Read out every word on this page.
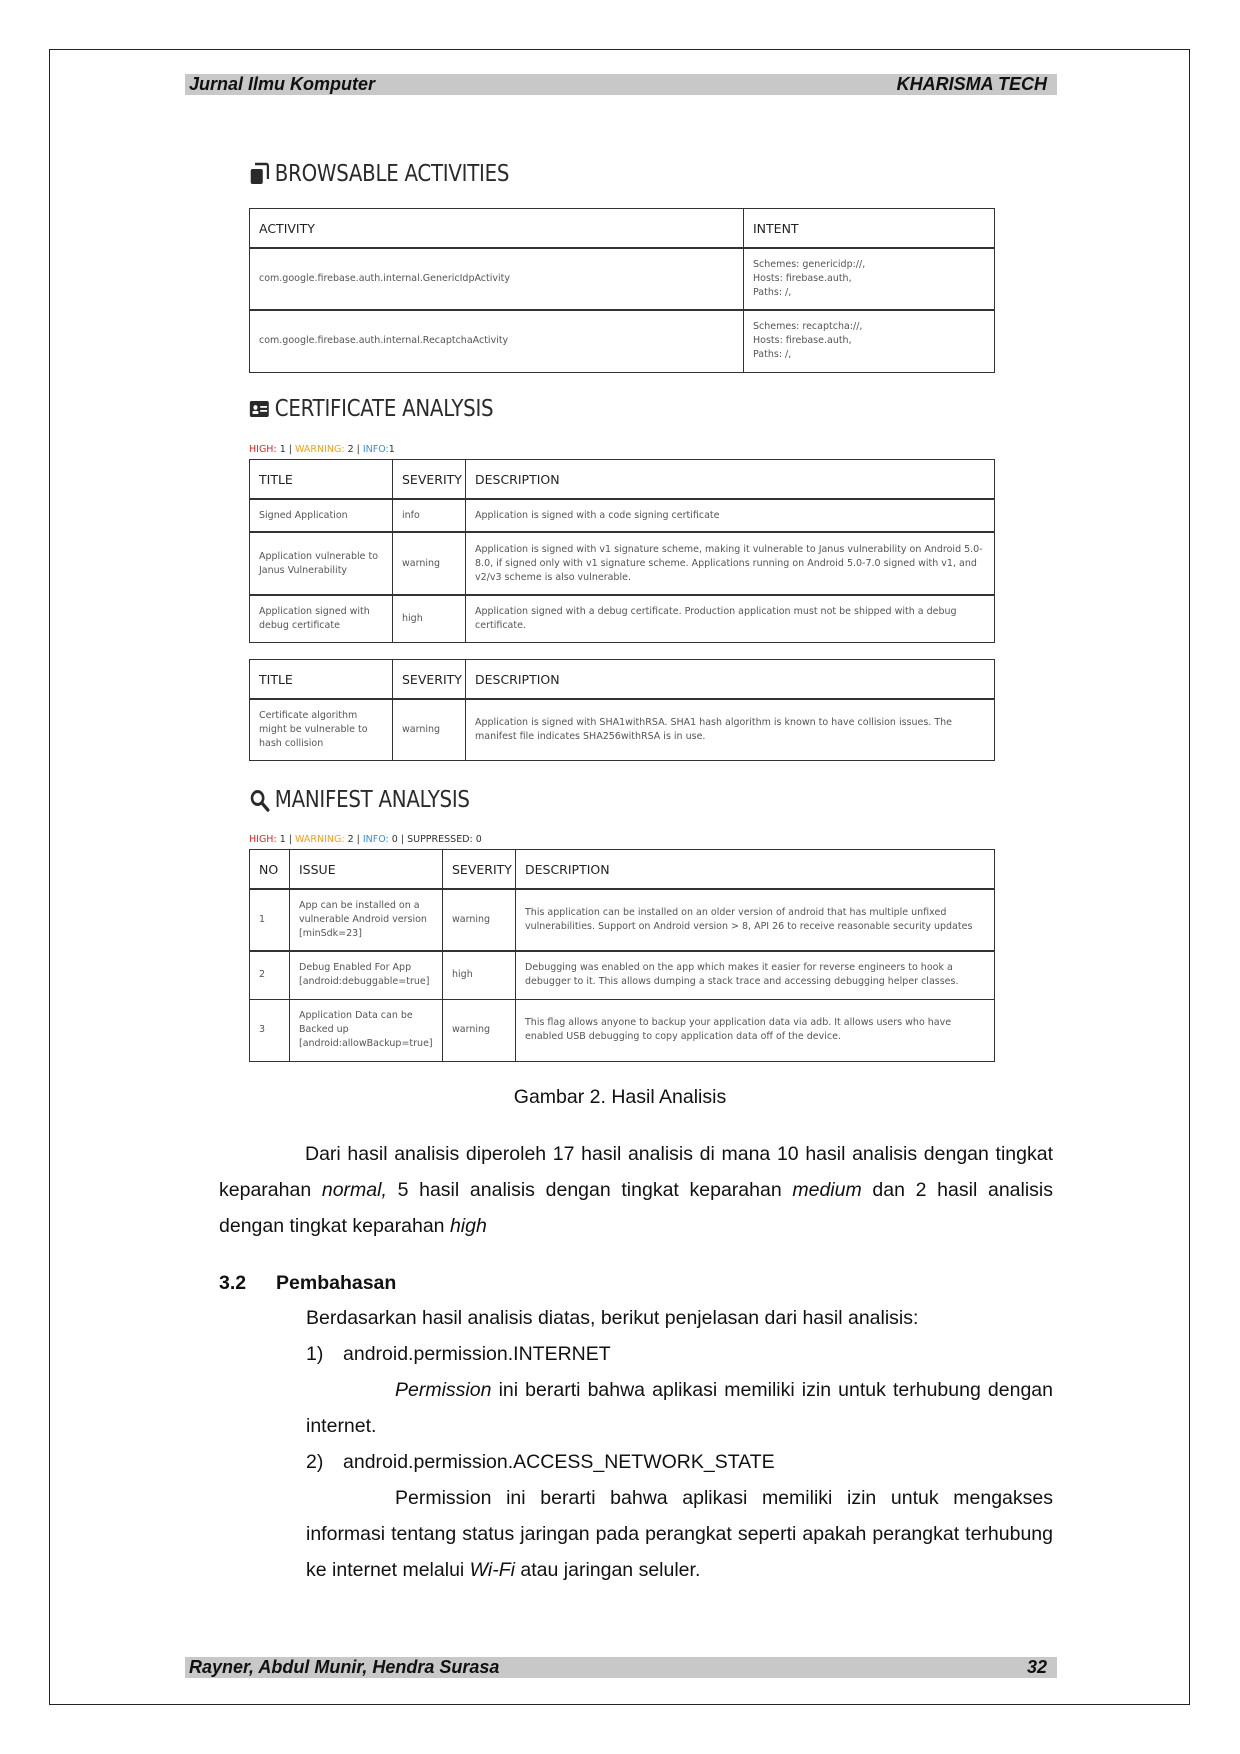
Jurnal Ilmu Komputer	KHARISMA TECH
BROWSABLE ACTIVITIES
ACTIVITY	INTENT
com.google.firebase.auth.internal.GenericIdpActivity	Schemes: genericidp://,
Hosts: firebase.auth,
Paths: /,

com.google.firebase.auth.internal.RecaptchaActivity	Schemes: recaptcha://,
Hosts: firebase.auth,
Paths: /,
CERTIFICATE ANALYSIS
HIGH: 1 | WARNING: 2 | INFO:1
TITLE	SEVERITY	DESCRIPTION
Signed Application	info	Application is signed with a code signing certificate
Application vulnerable to Janus Vulnerability	warning	Application is signed with v1 signature scheme, making it vulnerable to Janus vulnerability on Android 5.0-8.0, if signed only with v1 signature scheme. Applications running on Android 5.0-7.0 signed with v1, and v2/v3 scheme is also vulnerable.
Application signed with debug certificate	high	Application signed with a debug certificate. Production application must not be shipped with a debug certificate.
TITLE	SEVERITY	DESCRIPTION
Certificate algorithm might be vulnerable to hash collision	warning	Application is signed with SHA1withRSA. SHA1 hash algorithm is known to have collision issues. The manifest file indicates SHA256withRSA is in use.
MANIFEST ANALYSIS
HIGH: 1 | WARNING: 2 | INFO: 0 | SUPPRESSED: 0
NO	ISSUE	SEVERITY	DESCRIPTION
1	App can be installed on a vulnerable Android version [minSdk=23]	warning	This application can be installed on an older version of android that has multiple unfixed vulnerabilities. Support on Android version > 8, API 26 to receive reasonable security updates
2	Debug Enabled For App [android:debuggable=true]	high	Debugging was enabled on the app which makes it easier for reverse engineers to hook a debugger to it. This allows dumping a stack trace and accessing debugging helper classes.
3	Application Data can be Backed up [android:allowBackup=true]	warning	This flag allows anyone to backup your application data via adb. It allows users who have enabled USB debugging to copy application data off of the device.
Gambar 2. Hasil Analisis
Dari hasil analisis diperoleh 17 hasil analisis di mana 10 hasil analisis dengan tingkat keparahan normal, 5 hasil analisis dengan tingkat keparahan medium dan 2 hasil analisis dengan tingkat keparahan high
3.2 Pembahasan
Berdasarkan hasil analisis diatas, berikut penjelasan dari hasil analisis:
1) android.permission.INTERNET
Permission ini berarti bahwa aplikasi memiliki izin untuk terhubung dengan internet.
2) android.permission.ACCESS_NETWORK_STATE
Permission ini berarti bahwa aplikasi memiliki izin untuk mengakses informasi tentang status jaringan pada perangkat seperti apakah perangkat terhubung ke internet melalui Wi-Fi atau jaringan seluler.
Rayner, Abdul Munir, Hendra Surasa	32
